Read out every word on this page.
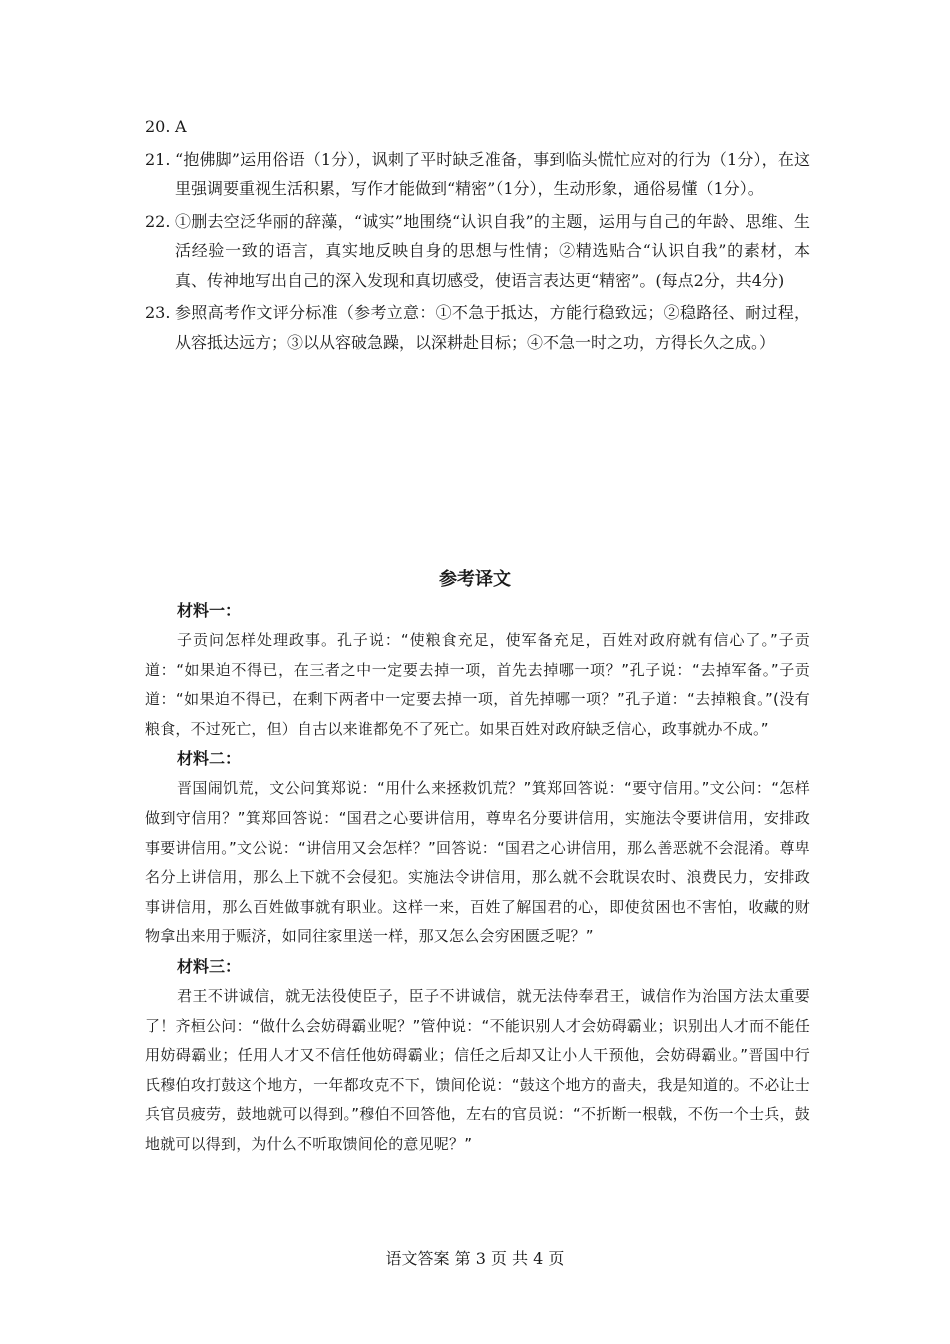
20. A
21. “抱佛脚”运用俗语（1分），讽刺了平时缺乏准备，事到临头慌忙应对的行为（1分），在这里强调要重视生活积累，写作才能做到“精密”（1分），生动形象，通俗易懂（1分）。
22. ①删去空泛华丽的辞藻，“诚实”地围绕“认识自我”的主题，运用与自己的年龄、思维、生活经验一致的语言，真实地反映自身的思想与性情；②精选贴合“认识自我”的素材，本真、传神地写出自己的深入发现和真切感受，使语言表达更“精密”。(每点2分，共4分)
23. 参照高考作文评分标准（参考立意：①不急于抵达，方能行稳致远；②稳路径、耐过程，从容抵达远方；③以从容破急躁，以深耕赴目标；④不急一时之功，方得长久之成。）
参考译文
材料一：
子贡问怎样处理政事。孔子说：“使粮食充足，使军备充足，百姓对政府就有信心了。”子贡道：“如果迫不得已，在三者之中一定要去掉一项，首先去掉哪一项？”孔子说：“去掉军备。”子贡道：“如果迫不得已，在剩下两者中一定要去掉一项，首先掉哪一项？”孔子道：“去掉粮食。”(没有粮食，不过死亡，但）自古以来谁都免不了死亡。如果百姓对政府缺乏信心，政事就办不成。”
材料二：
晋国闹饥荒，文公问箕郑说：“用什么来拯救饥荒？”箕郑回答说：“要守信用。”文公问：“怎样做到守信用？”箕郑回答说：“国君之心要讲信用，尊卑名分要讲信用，实施法令要讲信用，安排政事要讲信用。”文公说：“讲信用又会怎样？”回答说：“国君之心讲信用，那么善恶就不会混淆。尊卑名分上讲信用，那么上下就不会侵犯。实施法令讲信用，那么就不会耽误农时、浪费民力，安排政事讲信用，那么百姓做事就有职业。这样一来，百姓了解国君的心，即使贫困也不害怕，收藏的财物拿出来用于赈济，如同往家里送一样，那又怎么会穷困匮乏呢？”
材料三：
君王不讲诚信，就无法役使臣子，臣子不讲诚信，就无法侍奉君王，诚信作为治国方法太重要了！齐桓公问：“做什么会妨碍霸业呢？”管仲说：“不能识别人才会妨碍霸业；识别出人才而不能任用妨碍霸业；任用人才又不信任他妨碍霸业；信任之后却又让小人干预他，会妨碍霸业。”晋国中行氏穆伯攻打鼓这个地方，一年都攻克不下，馈间伦说：“鼓这个地方的啬夫，我是知道的。不必让士兵官员疲劳，鼓地就可以得到。”穆伯不回答他，左右的官员说：“不折断一根戟，不伤一个士兵，鼓地就可以得到，为什么不听取馈间伦的意见呢？”
语文答案 第 3 页 共 4 页
